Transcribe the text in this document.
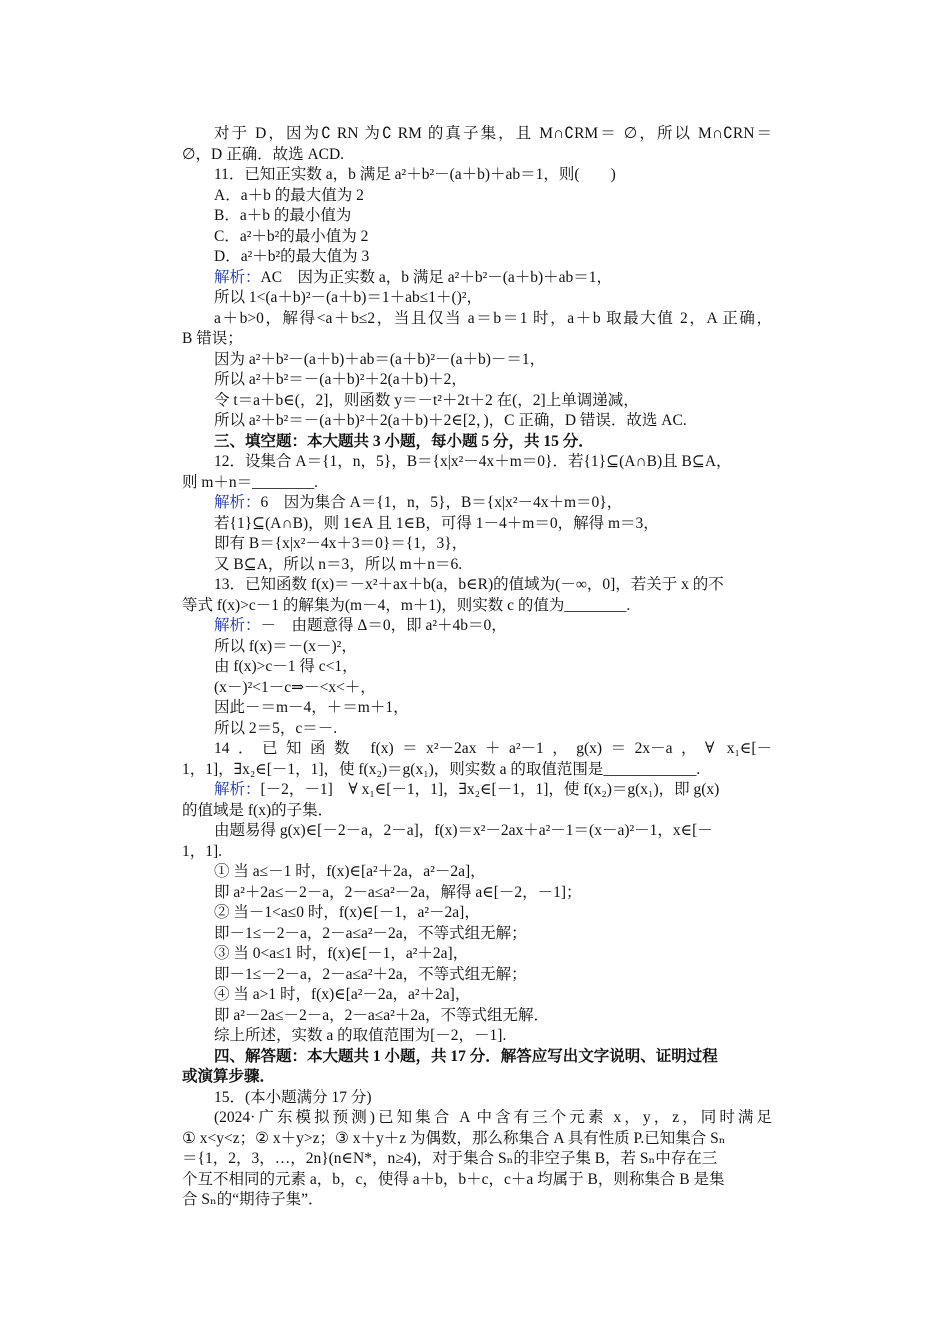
对于 D，因为∁ RN 为∁ RM 的真子集，且 M∩∁RM＝ ∅，所以 M∩∁RN＝
∅，D 正确．故选 ACD.
11．已知正实数 a，b 满足 a²＋b²－(a＋b)＋ab＝1，则(　　)
A．a＋b 的最大值为 2
B．a＋b 的最小值为
C．a²＋b²的最小值为 2
D．a²＋b²的最大值为 3
解析：AC　因为正实数 a，b 满足 a²＋b²－(a＋b)＋ab＝1，
所以 1<(a＋b)²－(a＋b)＝1＋ab≤1＋()²，
a＋b>0，解得<a＋b≤2，当且仅当 a＝b＝1 时，a＋b 取最大值 2，A 正确，
B 错误；
因为 a²＋b²－(a＋b)＋ab＝(a＋b)²－(a＋b)－＝1，
所以 a²＋b²＝－(a＋b)²＋2(a＋b)＋2，
令 t＝a＋b∈(，2]，则函数 y＝－t²＋2t＋2 在(，2]上单调递减，
所以 a²＋b²＝－(a＋b)²＋2(a＋b)＋2∈[2，)，C 正确，D 错误．故选 AC.
三、填空题：本大题共 3 小题，每小题 5 分，共 15 分．
12．设集合 A＝{1，n，5}，B＝{x|x²－4x＋m＝0}．若{1}⊆(A∩B)且 B⊆A，
则 m＋n＝________.
解析：6　因为集合 A＝{1，n，5}，B＝{x|x²－4x＋m＝0}，
若{1}⊆(A∩B)，则 1∈A 且 1∈B，可得 1－4＋m＝0，解得 m＝3，
即有 B＝{x|x²－4x＋3＝0}＝{1，3}，
又 B⊆A，所以 n＝3，所以 m＋n＝6.
13．已知函数 f(x)＝－x²＋ax＋b(a，b∈R)的值域为(－∞，0]，若关于 x 的不
等式 f(x)>c－1 的解集为(m－4，m＋1)，则实数 c 的值为________.
解析：－　由题意得 Δ＝0，即 a²＋4b＝0，
所以 f(x)＝－(x－)²，
由 f(x)>c－1 得 c<1，
(x－)²<1－c⇒－<x<＋，
因此－＝m－4，＋＝m＋1，
所以 2＝5，c＝－.
14．已知函数 f(x)＝x²－2ax＋a²－1，g(x)＝2x－a，∀ x₁∈[－
1，1]，∃x₂∈[－1，1]，使 f(x₂)＝g(x₁)，则实数 a 的取值范围是____________.
解析：[－2，－1]　∀ x₁∈[－1，1]，∃x₂∈[－1，1]，使 f(x₂)＝g(x₁)，即 g(x)
的值域是 f(x)的子集．
由题易得 g(x)∈[－2－a，2－a]，f(x)＝x²－2ax＋a²－1＝(x－a)²－1，x∈[－
1，1].
① 当 a≤－1 时，f(x)∈[a²＋2a，a²－2a]，
即 a²＋2a≤－2－a，2－a≤a²－2a，解得 a∈[－2，－1]；
② 当－1<a≤0 时，f(x)∈[－1，a²－2a]，
即－1≤－2－a，2－a≤a²－2a，不等式组无解；
③ 当 0<a≤1 时，f(x)∈[－1，a²＋2a]，
即－1≤－2－a，2－a≤a²＋2a，不等式组无解；
④ 当 a>1 时，f(x)∈[a²－2a，a²＋2a]，
即 a²－2a≤－2－a，2－a≤a²＋2a，不等式组无解．
综上所述，实数 a 的取值范围为[－2，－1].
四、解答题：本大题共 1 小题，共 17 分．解答应写出文字说明、证明过程
或演算步骤．
15．(本小题满分 17 分)
(2024·广东模拟预测)已知集合 A 中含有三个元素 x，y，z，同时满足
① x<y<z；② x＋y>z；③ x＋y＋z 为偶数，那么称集合 A 具有性质 P.已知集合 Sₙ
＝{1，2，3，…，2n}(n∈N*，n≥4)，对于集合 Sₙ的非空子集 B，若 Sₙ中存在三
个互不相同的元素 a，b，c，使得 a＋b，b＋c，c＋a 均属于 B，则称集合 B 是集
合 Sₙ的“期待子集”．
